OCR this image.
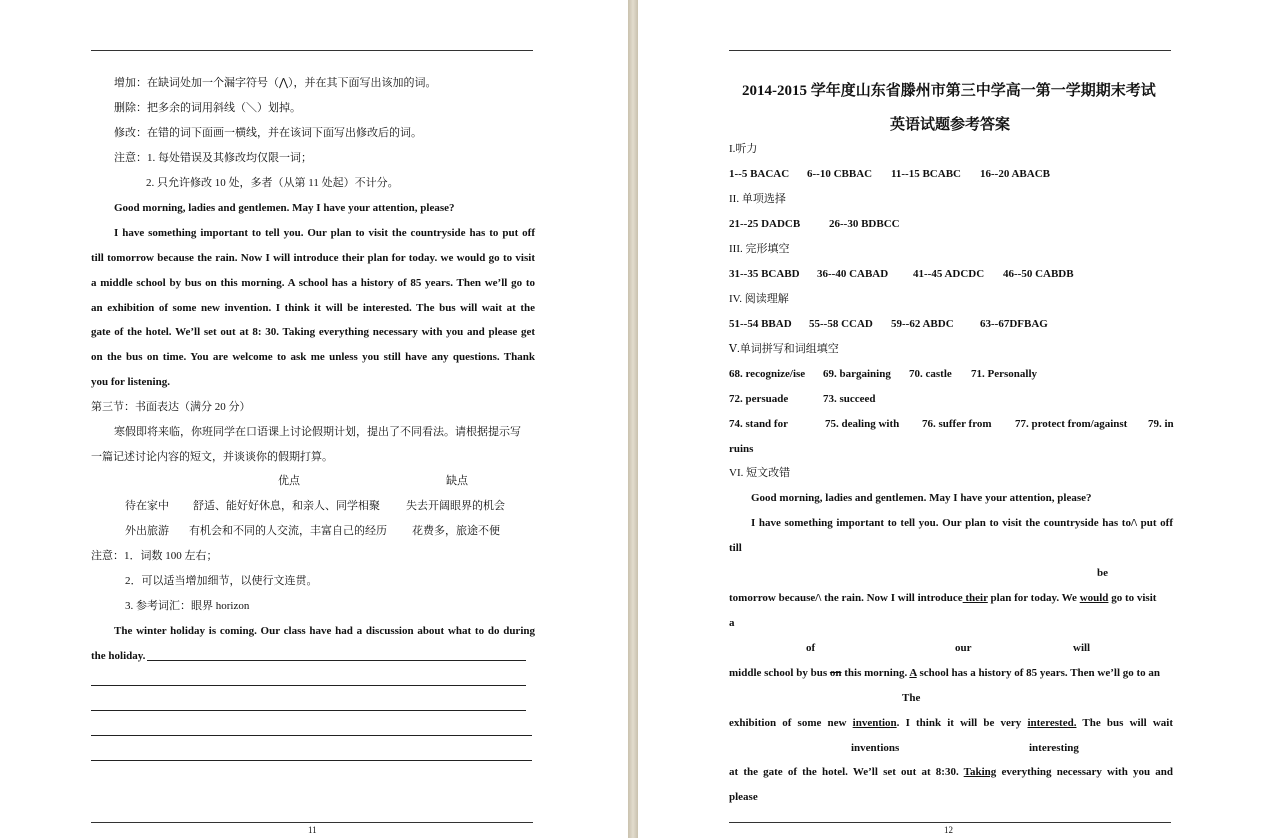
增加：在缺词处加一个漏字符号（⋀），并在其下面写出该加的词。
删除：把多余的词用斜线（＼）划掉。
修改：在错的词下面画一横线，并在该词下面写出修改后的词。
注意：1. 每处错误及其修改均仅限一词；
2. 只允许修改 10 处，多者（从第 11 处起）不计分。
Good morning, ladies and gentlemen. May I have your attention, please?
I have something important to tell you. Our plan to visit the countryside has to put off
till tomorrow because the rain. Now I will introduce their plan for today. we would go to visit
a middle school by bus on this morning. A school has a history of 85 years. Then we’ll go to
an exhibition of some new invention. I think it will be interested. The bus will wait at the
gate of the hotel. We’ll set out at 8: 30. Taking everything necessary with you and please get
on the bus on time. You are welcome to ask me unless you still have any questions. Thank
you for listening.
第三节：书面表达（满分 20 分）
寒假即将来临，你班同学在口语课上讨论假期计划，提出了不同看法。请根据提示写
一篇记述讨论内容的短文，并谈谈你的假期打算。
优点	缺点
待在家中 舒适、能好好休息，和亲人、同学相聚 失去开阔眼界的机会
外出旅游 有机会和不同的人交流，丰富自己的经历 花费多，旅途不便
注意：1．词数 100 左右；
2．可以适当增加细节，以使行文连贯。
3. 参考词汇：眼界 horizon
The winter holiday is coming. Our class have had a discussion about what to do during
the holiday.
11
2014-2015 学年度山东省滕州市第三中学高一第一学期期末考试
英语试题参考答案
I.听力
1--5 BACAC 6--10 CBBAC 11--15 BCABC 16--20 ABACB
II. 单项选择
21--25 DADCB	26--30 BDBCC
III. 完形填空
31--35 BCABD 36--40 CABAD 41--45 ADCDC 46--50 CABDB
IV. 阅读理解
51--54 BBAD 55--58 CCAD 59--62 ABDC 63--67DFBAG
Ⅴ.单词拼写和词组填空
68. recognize/ise 69. bargaining 70. castle 71. Personally
72. persuade	73. succeed
74. stand for	75. dealing with 76. suffer from 77. protect from/against 79. in
ruins
VI. 短文改错
Good morning, ladies and gentlemen. May I have your attention, please?
I have something important to tell you. Our plan to visit the countryside has to/\ put off
till
be
tomorrow because/\ the rain. Now I will introduce their plan for today. We would go to visit
a
of	our	will
middle school by bus on this morning. A school has a history of 85 years. Then we’ll go to an
The
exhibition of some new invention. I think it will be very interested. The bus will wait
inventions	interesting
at the gate of the hotel. We’ll set out at 8:30. Taking everything necessary with you and
please
12
